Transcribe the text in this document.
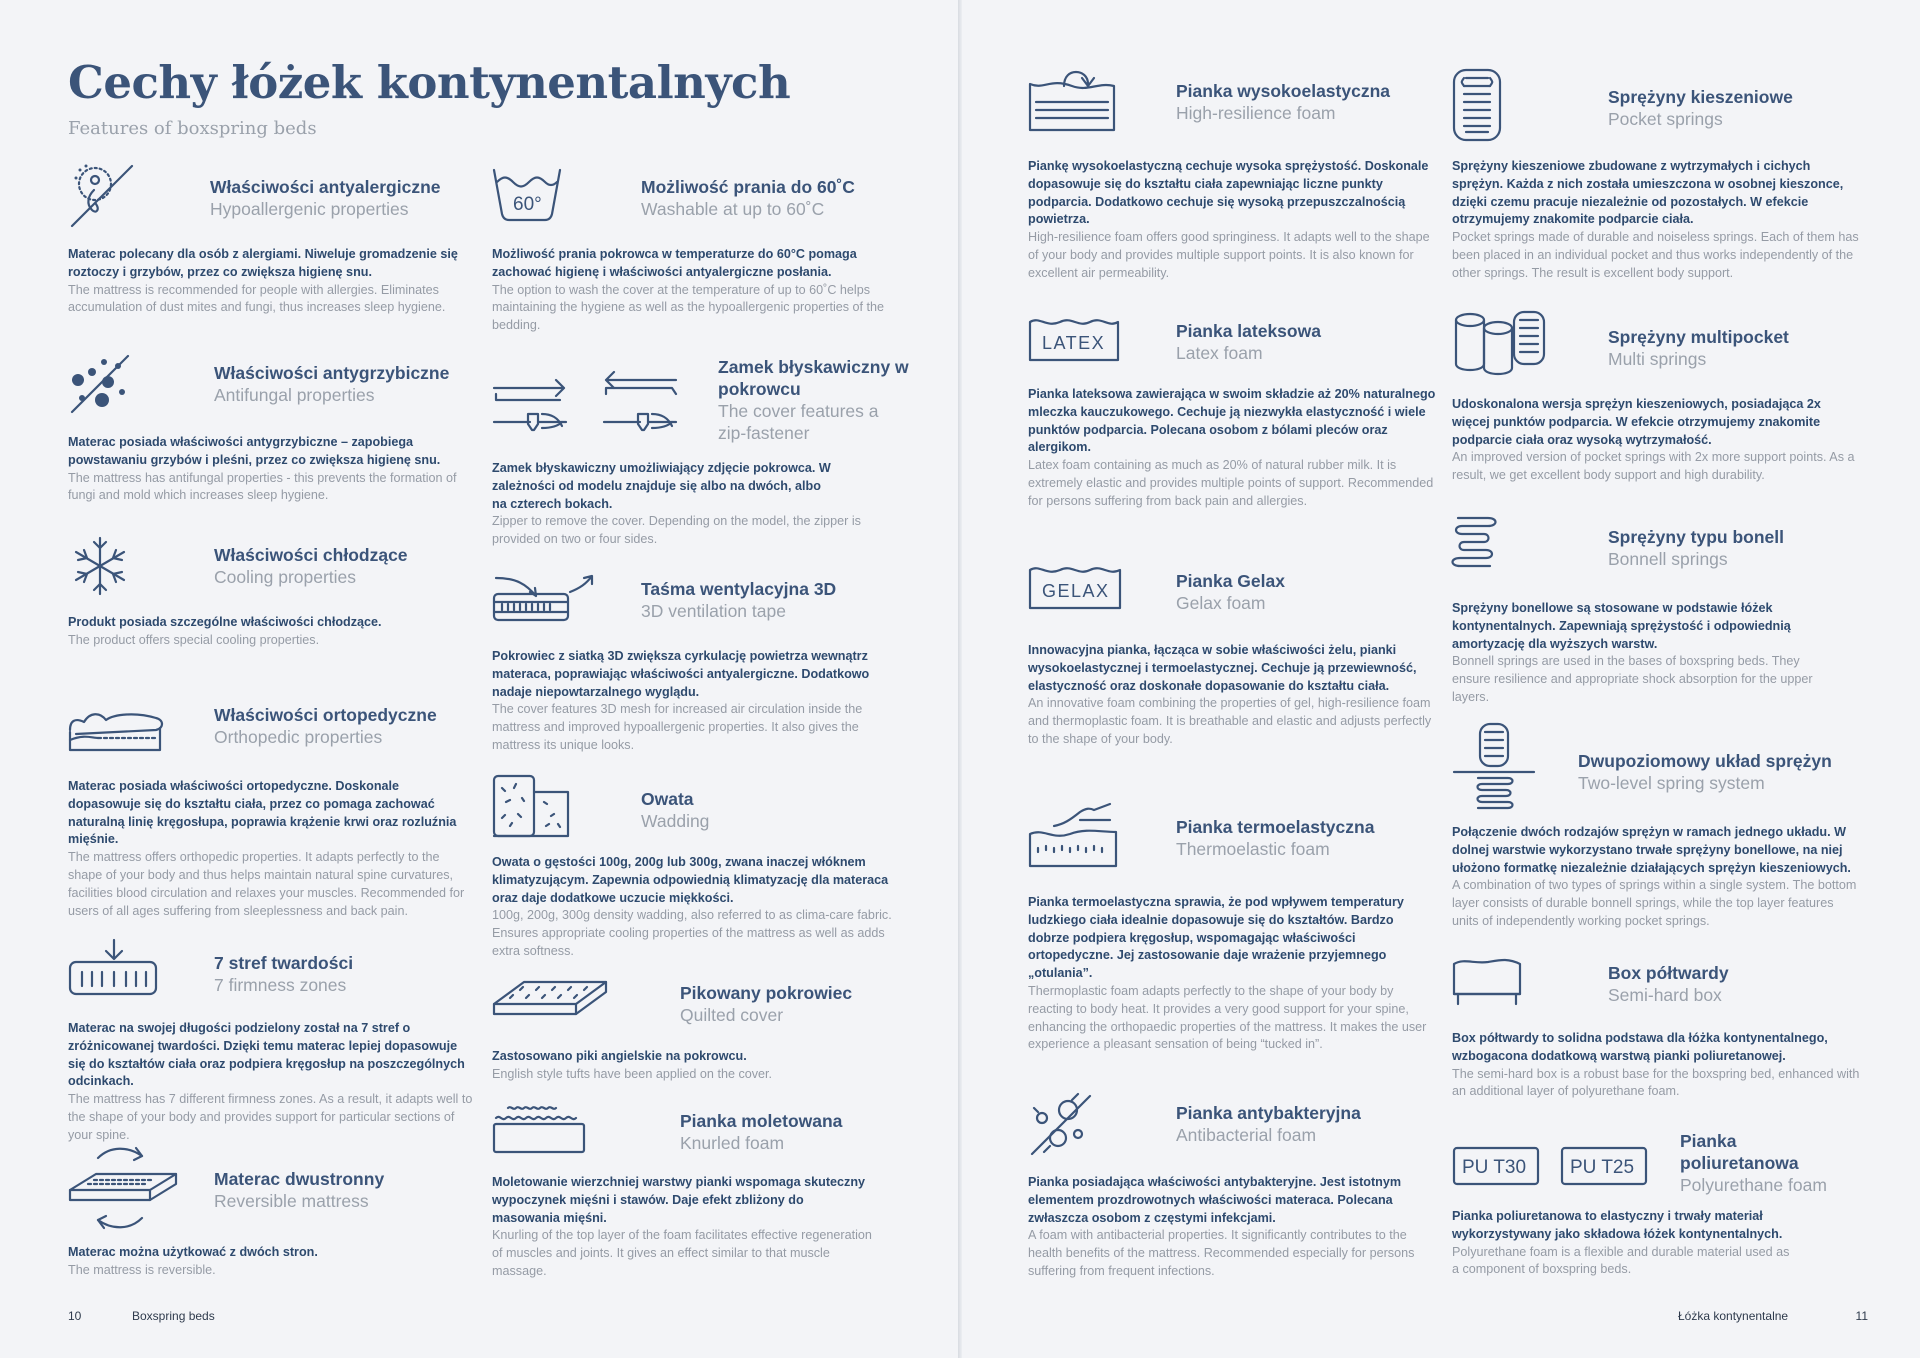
Cechy łóżek kontynentalnych

Features of boxspring beds

Właściwości antyalergiczne

Hypoallergenic properties

Materac polecany dla osób z alergiami. Niweluje gromadzenie się roztoczy i grzybów, przez co zwiększa higienę snu.

The mattress is recommended for people with allergies. Eliminates accumulation of dust mites and fungi, thus increases sleep hygiene.

Właściwości antygrzybiczne

Antifungal properties

Materac posiada właściwości antygrzybiczne – zapobiega powstawaniu grzybów i pleśni, przez co zwiększa higienę snu.

The mattress has antifungal properties - this prevents the formation of fungi and mold which increases sleep hygiene.

Właściwości chłodzące

Cooling properties

Produkt posiada szczególne właściwości chłodzące.

The product offers special cooling properties.

Właściwości ortopedyczne

Orthopedic properties

Materac posiada właściwości ortopedyczne. Doskonale dopasowuje się do kształtu ciała, przez co pomaga zachować naturalną linię kręgosłupa, poprawia krążenie krwi oraz rozluźnia mięśnie.

The mattress offers orthopedic properties. It adapts perfectly to the shape of your body and thus helps maintain natural spine curvatures, facilities blood circulation and relaxes your muscles. Recommended for users of all ages suffering from sleeplessness and back pain.

7 stref twardości

7 firmness zones

Materac na swojej długości podzielony został na 7 stref o zróżnicowanej twardości. Dzięki temu materac lepiej dopasowuje się do kształtów ciała oraz podpiera kręgosłup na poszczególnych odcinkach.

The mattress has 7 different firmness zones. As a result, it adapts well to the shape of your body and provides support for particular sections of your spine.

Materac dwustronny

Reversible mattress

Materac można użytkować z dwóch stron.

The mattress is reversible.

60°

Możliwość prania do 60˚C

Washable at up to 60˚C

Możliwość prania pokrowca w temperaturze do 60°C pomaga zachować higienę i właściwości antyalergiczne posłania.

The option to wash the cover at the temperature of up to 60˚C helps maintaining the hygiene as well as the hypoallergenic properties of the bedding.

Zamek błyskawiczny w pokrowcu

The cover features a zip-fastener

Zamek błyskawiczny umożliwiający zdjęcie pokrowca. W zależności od modelu znajduje się albo na dwóch, albo na czterech bokach.

Zipper to remove the cover. Depending on the model, the zipper is provided on two or four sides.

Taśma wentylacyjna 3D

3D ventilation tape

Pokrowiec z siatką 3D zwiększa cyrkulację powietrza wewnątrz materaca, poprawiając właściwości antyalergiczne. Dodatkowo nadaje niepowtarzalnego wyglądu.

The cover features 3D mesh for increased air circulation inside the mattress and improved hypoallergenic properties. It also gives the mattress its unique looks.

Owata

Wadding

Owata o gęstości 100g, 200g lub 300g, zwana inaczej włóknem klimatyzującym. Zapewnia odpowiednią klimatyzację dla materaca oraz daje dodatkowe uczucie miękkości.

100g, 200g, 300g density wadding, also referred to as clima-care fabric. Ensures appropriate cooling properties of the mattress as well as adds extra softness.

Pikowany pokrowiec

Quilted cover

Zastosowano piki angielskie na pokrowcu.

English style tufts have been applied on the cover.

Pianka moletowana

Knurled foam

Moletowanie wierzchniej warstwy pianki wspomaga skuteczny wypoczynek mięśni i stawów. Daje efekt zbliżony do masowania mięśni.

Knurling of the top layer of the foam facilitates effective regeneration of muscles and joints. It gives an effect similar to that muscle massage.

10	Boxspring beds

Pianka wysokoelastyczna

High-resilience foam

Piankę wysokoelastyczną cechuje wysoka sprężystość. Doskonale dopasowuje się do kształtu ciała zapewniając liczne punkty podparcia. Dodatkowo cechuje się wysoką przepuszczalnością powietrza.

High-resilience foam offers good springiness. It adapts well to the shape of your body and provides multiple support points. It is also known for excellent air permeability.

LATEX

Pianka lateksowa

Latex foam

Pianka lateksowa zawierająca w swoim składzie aż 20% naturalnego mleczka kauczukowego. Cechuje ją niezwykła elastyczność i wiele punktów podparcia. Polecana osobom z bólami pleców oraz alergikom.

Latex foam containing as much as 20% of natural rubber milk. It is extremely elastic and provides multiple points of support. Recommended for persons suffering from back pain and allergies.

GELAX	Pianka Gelax

Gelax foam

Innowacyjna pianka, łącząca w sobie właściwości żelu, pianki wysokoelastycznej i termoelastycznej. Cechuje ją przewiewność, elastyczność oraz doskonałe dopasowanie do kształtu ciała.

An innovative foam combining the properties of gel, high-resilience foam and thermoplastic foam. It is breathable and elastic and adjusts perfectly to the shape of your body.

Pianka termoelastyczna

Thermoelastic foam

Pianka termoelastyczna sprawia, że pod wpływem temperatury ludzkiego ciała idealnie dopasowuje się do kształtów. Bardzo dobrze podpiera kręgosłup, wspomagając właściwości ortopedyczne. Jej zastosowanie daje wrażenie przyjemnego „otulania”.

Thermoplastic foam adapts perfectly to the shape of your body by reacting to body heat. It provides a very good support for your spine, enhancing the orthopaedic properties of the mattress. It makes the user experience a pleasant sensation of being “tucked in”.

Pianka antybakteryjna

Antibacterial foam

Pianka posiadająca właściwości antybakteryjne. Jest istotnym elementem prozdrowotnych właściwości materaca. Polecana zwłaszcza osobom z częstymi infekcjami.

A foam with antibacterial properties. It significantly contributes to the health benefits of the mattress. Recommended especially for persons suffering from frequent infections.

Sprężyny kieszeniowe

Pocket springs

Sprężyny kieszeniowe zbudowane z wytrzymałych i cichych sprężyn. Każda z nich została umieszczona w osobnej kieszonce, dzięki czemu pracuje niezależnie od pozostałych. W efekcie otrzymujemy znakomite podparcie ciała.

Pocket springs made of durable and noiseless springs. Each of them has been placed in an individual pocket and thus works independently of the other springs. The result is excellent body support.

Sprężyny multipocket

Multi springs

Udoskonalona wersja sprężyn kieszeniowych, posiadająca 2x więcej punktów podparcia. W efekcie otrzymujemy znakomite podparcie ciała oraz wysoką wytrzymałość.

An improved version of pocket springs with 2x more support points. As a result, we get excellent body support and high durability.

Sprężyny typu bonell

Bonnell springs

Sprężyny bonellowe są stosowane w podstawie łóżek kontynentalnych. Zapewniają sprężystość i odpowiednią amortyzację dla wyższych warstw.

Bonnell springs are used in the bases of boxspring beds. They ensure resilience and appropriate shock absorption for the upper layers.

Dwupoziomowy układ sprężyn

Two-level spring system

Połączenie dwóch rodzajów sprężyn w ramach jednego układu. W dolnej warstwie wykorzystano trwałe sprężyny bonellowe, na niej ułożono formatkę niezależnie działających sprężyn kieszeniowych.

A combination of two types of springs within a single system. The bottom layer consists of durable bonnell springs, while the top layer features units of independently working pocket springs.

Box półtwardy

Semi-hard box

Box półtwardy to solidna podstawa dla łóżka kontynentalnego, wzbogacona dodatkową warstwą pianki poliuretanowej.

The semi-hard box is a robust base for the boxspring bed, enhanced with an additional layer of polyurethane foam.

PU T30 PU T25

Pianka poliuretanowa

Polyurethane foam

Pianka poliuretanowa to elastyczny i trwały materiał wykorzystywany jako składowa łóżek kontynentalnych.

Polyurethane foam is a flexible and durable material used as a component of boxspring beds.

Łóżka kontynentalne	11
